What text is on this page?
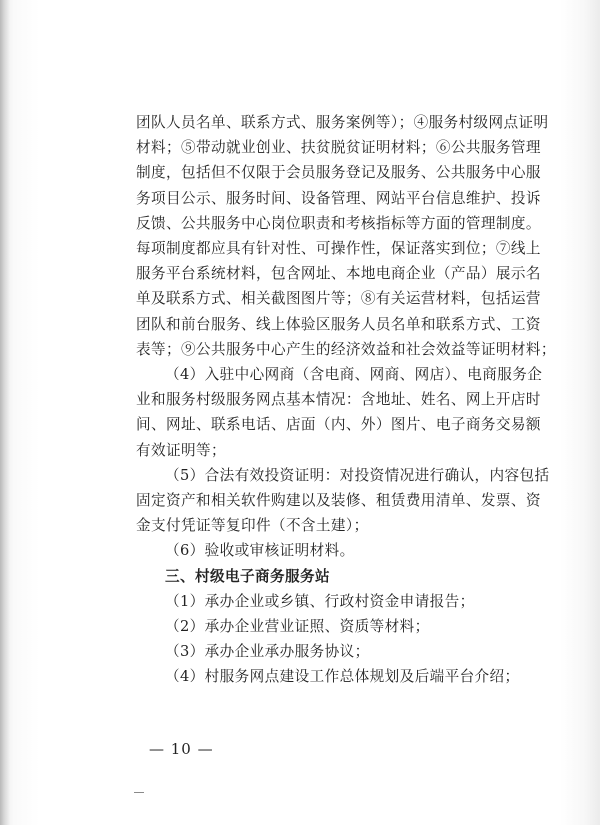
团队人员名单、联系方式、服务案例等）；④服务村级网点证明
材料；⑤带动就业创业、扶贫脱贫证明材料；⑥公共服务管理
制度，包括但不仅限于会员服务登记及服务、公共服务中心服
务项目公示、服务时间、设备管理、网站平台信息维护、投诉
反馈、公共服务中心岗位职责和考核指标等方面的管理制度。
每项制度都应具有针对性、可操作性，保证落实到位；⑦线上
服务平台系统材料，包含网址、本地电商企业（产品）展示名
单及联系方式、相关截图图片等；⑧有关运营材料，包括运营
团队和前台服务、线上体验区服务人员名单和联系方式、工资
表等；⑨公共服务中心产生的经济效益和社会效益等证明材料；

（4）入驻中心网商（含电商、网商、网店）、电商服务企
业和服务村级服务网点基本情况：含地址、姓名、网上开店时
间、网址、联系电话、店面（内、外）图片、电子商务交易额
有效证明等；

（5）合法有效投资证明：对投资情况进行确认，内容包括
固定资产和相关软件购建以及装修、租赁费用清单、发票、资
金支付凭证等复印件（不含土建）；

（6）验收或审核证明材料。

三、村级电子商务服务站

（1）承办企业或乡镇、行政村资金申请报告；
（2）承办企业营业证照、资质等材料；
（3）承办企业承办服务协议；
（4）村服务网点建设工作总体规划及后端平台介绍；

— 10 —
